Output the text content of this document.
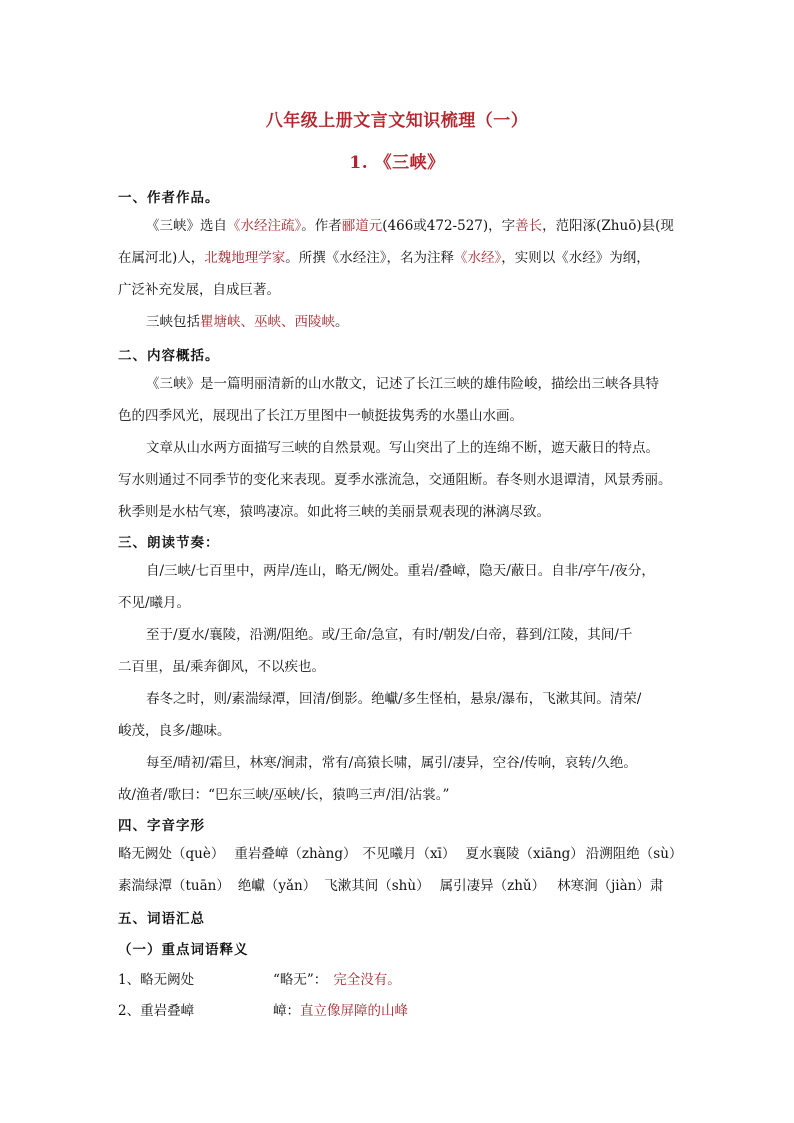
八年级上册文言文知识梳理（一）
1. 《三峡》
一、作者作品。
《三峡》选自《水经注疏》。作者郦道元(466或472-527)，字善长，范阳涿(Zhuō)县(现
在属河北)人，北魏地理学家。所撰《水经注》，名为注释《水经》，实则以《水经》为纲，
广泛补充发展，自成巨著。
三峡包括瞿塘峡、巫峡、西陵峡。
二、内容概括。
《三峡》是一篇明丽清新的山水散文，记述了长江三峡的雄伟险峻，描绘出三峡各具特
色的四季风光，展现出了长江万里图中一帧挺拔隽秀的水墨山水画。
文章从山水两方面描写三峡的自然景观。写山突出了上的连绵不断，遮天蔽日的特点。
写水则通过不同季节的变化来表现。夏季水涨流急，交通阻断。春冬则水退谭清，风景秀丽。
秋季则是水枯气寒，猿鸣凄凉。如此将三峡的美丽景观表现的淋漓尽致。
三、朗读节奏：
自/三峡/七百里中，两岸/连山，略无/阙处。重岩/叠嶂，隐天/蔽日。自非/亭午/夜分，
不见/曦月。
至于/夏水/襄陵，沿溯/阻绝。或/王命/急宣，有时/朝发/白帝，暮到/江陵，其间/千
二百里，虽/乘奔御风，不以疾也。
春冬之时，则/素湍绿潭，回清/倒影。绝巘/多生怪柏，悬泉/瀑布，飞漱其间。清荣/
峻茂，良多/趣味。
每至/晴初/霜旦，林寒/涧肃，常有/高猿长啸，属引/凄异，空谷/传响，哀转/久绝。
故/渔者/歌曰：“巴东三峡/巫峡/长，猿鸣三声/泪/沾裳。”
四、字音字形
略无阙处（què） 重岩叠嶂（zhàng） 不见曦月（xī） 夏水襄陵（xiāng） 沿溯阻绝（sù）
素湍绿潭（tuān） 绝巘（yǎn） 飞漱其间（shù） 属引凄异（zhǔ） 林寒涧（jiàn）肃
五、词语汇总
（一）重点词语释义
1、略无阙处	“略无”： 完全没有。
2、重岩叠嶂	嶂：直立像屏障的山峰
